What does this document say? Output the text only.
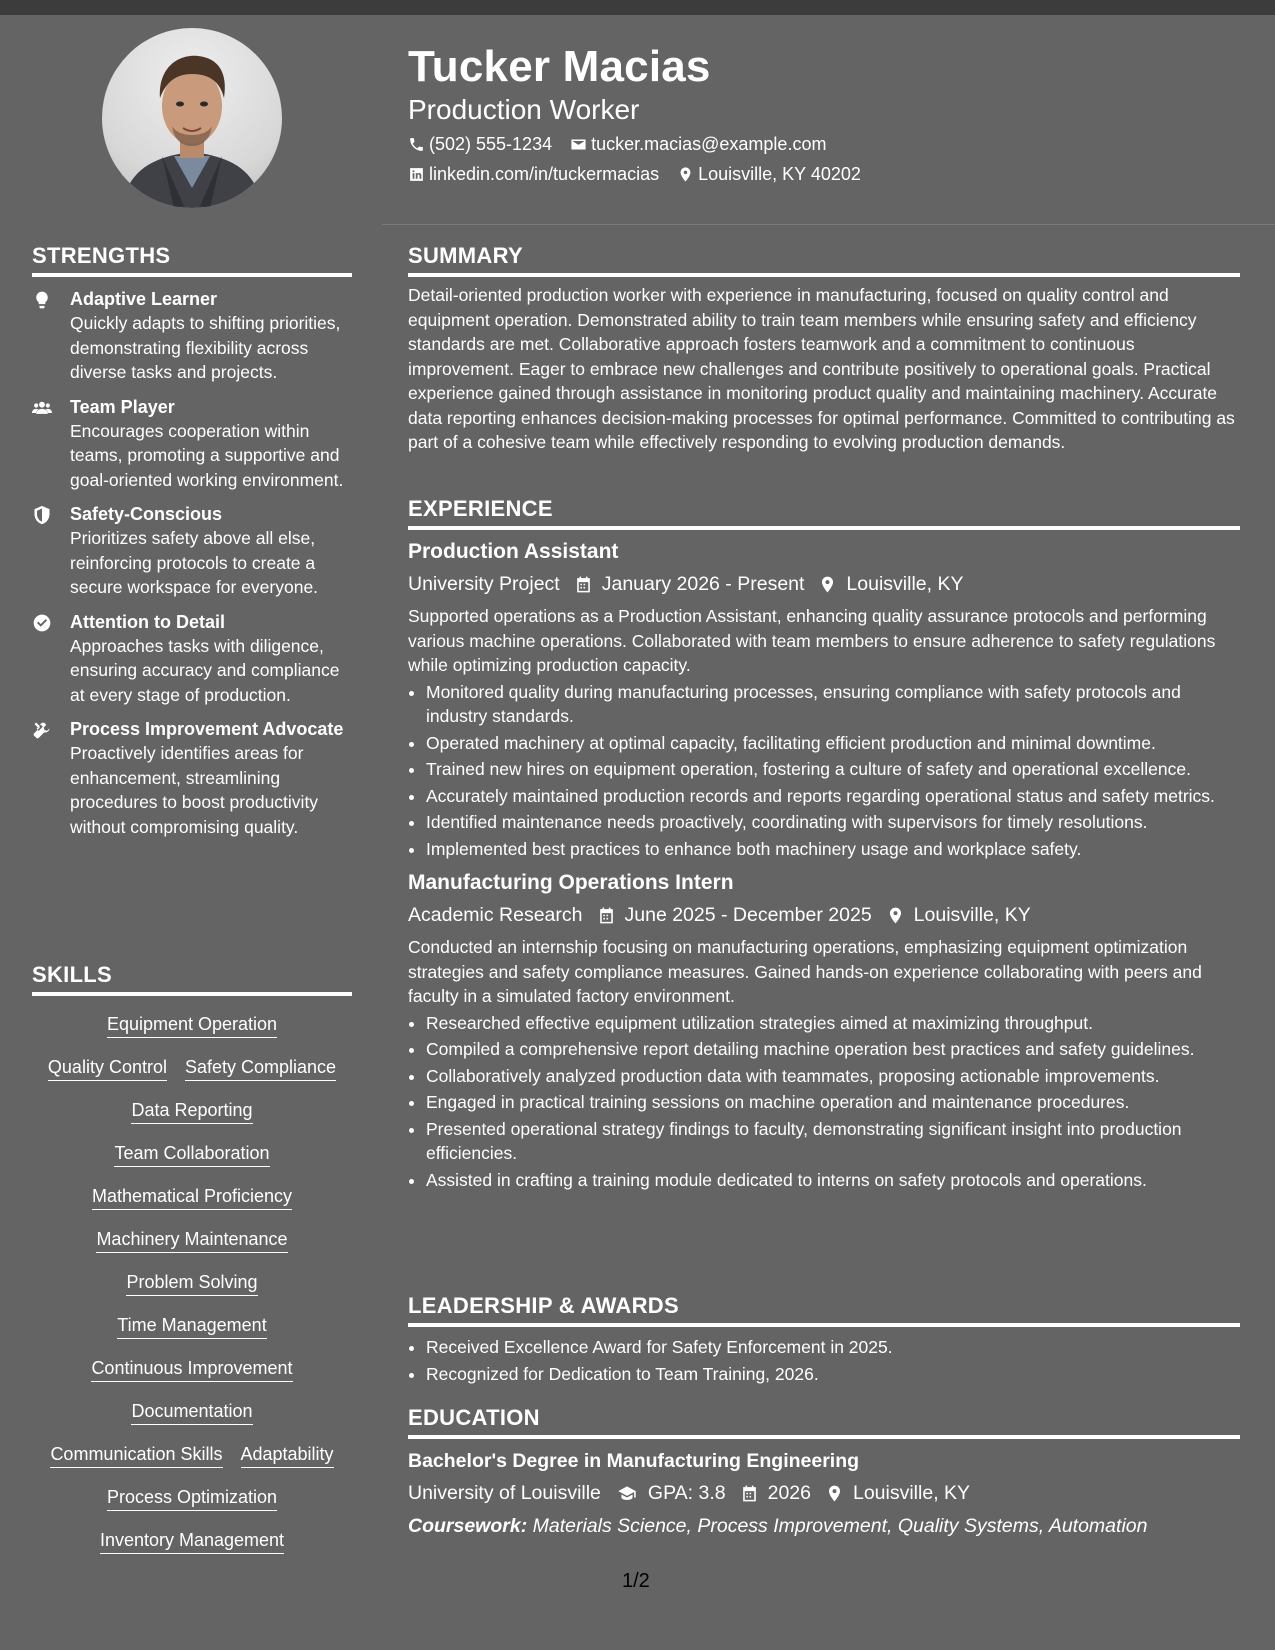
STRENGTHS
Adaptive Learner
Quickly adapts to shifting priorities, demonstrating flexibility across diverse tasks and projects.
Team Player
Encourages cooperation within teams, promoting a supportive and goal-oriented working environment.
Safety-Conscious
Prioritizes safety above all else, reinforcing protocols to create a secure workspace for everyone.
Attention to Detail
Approaches tasks with diligence, ensuring accuracy and compliance at every stage of production.
Process Improvement Advocate
Proactively identifies areas for enhancement, streamlining procedures to boost productivity without compromising quality.
SKILLS
Equipment Operation
Quality Control Safety Compliance
Data Reporting
Team Collaboration
Mathematical Proficiency
Machinery Maintenance
Problem Solving
Time Management
Continuous Improvement
Documentation
Communication Skills Adaptability
Process Optimization
Inventory Management
Tucker Macias
Production Worker
(502) 555-1234 tucker.macias@example.com
linkedin.com/in/tuckermacias Louisville, KY 40202
SUMMARY

Detail-oriented production worker with experience in manufacturing, focused on quality control and equipment operation. Demonstrated ability to train team members while ensuring safety and efficiency standards are met. Collaborative approach fosters teamwork and a commitment to continuous improvement. Eager to embrace new challenges and contribute positively to operational goals. Practical experience gained through assistance in monitoring product quality and maintaining machinery. Accurate data reporting enhances decision-making processes for optimal performance. Committed to contributing as part of a cohesive team while effectively responding to evolving production demands.

EXPERIENCE
Production Assistant
University Project January 2026 - Present Louisville, KY

Supported operations as a Production Assistant, enhancing quality assurance protocols and performing various machine operations. Collaborated with team members to ensure adherence to safety regulations while optimizing production capacity.

• Monitored quality during manufacturing processes, ensuring compliance with safety protocols and industry standards.
• Operated machinery at optimal capacity, facilitating efficient production and minimal downtime.
• Trained new hires on equipment operation, fostering a culture of safety and operational excellence.
• Accurately maintained production records and reports regarding operational status and safety metrics.
• Identified maintenance needs proactively, coordinating with supervisors for timely resolutions.
• Implemented best practices to enhance both machinery usage and workplace safety.
Manufacturing Operations Intern
Academic Research June 2025 - December 2025 Louisville, KY

Conducted an internship focusing on manufacturing operations, emphasizing equipment optimization strategies and safety compliance measures. Gained hands-on experience collaborating with peers and faculty in a simulated factory environment.

• Researched effective equipment utilization strategies aimed at maximizing throughput.
• Compiled a comprehensive report detailing machine operation best practices and safety guidelines.
• Collaboratively analyzed production data with teammates, proposing actionable improvements.
• Engaged in practical training sessions on machine operation and maintenance procedures.
• Presented operational strategy findings to faculty, demonstrating significant insight into production efficiencies.
• Assisted in crafting a training module dedicated to interns on safety protocols and operations.
LEADERSHIP & AWARDS
• Received Excellence Award for Safety Enforcement in 2025.
• Recognized for Dedication to Team Training, 2026.
EDUCATION
Bachelor's Degree in Manufacturing Engineering
University of Louisville GPA: 3.8 2026 Louisville, KY
Coursework: Materials Science, Process Improvement, Quality Systems, Automation
1/2
